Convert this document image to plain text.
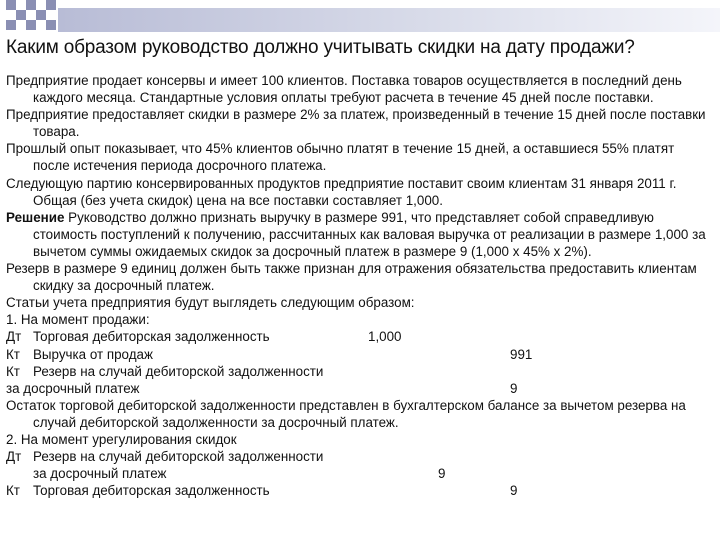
Каким образом руководство должно учитывать скидки на дату продажи?

Предприятие продает консервы и имеет 100 клиентов. Поставка товаров осуществляется в последний день каждого месяца. Стандартные условия оплаты требуют расчета в течение 45 дней после поставки.

Предприятие предоставляет скидки в размере 2% за платеж, произведенный в течение 15 дней после поставки товара.

Прошлый опыт показывает, что 45% клиентов обычно платят в течение 15 дней, а оставшиеся 55% платят после истечения периода досрочного платежа.

Следующую партию консервированных продуктов предприятие поставит своим клиентам 31 января 2011 г. Общая (без учета скидок) цена на все поставки составляет 1,000.

Решение Руководство должно признать выручку в размере 991, что представляет собой справедливую стоимость поступлений к получению, рассчитанных как валовая выручка от реализации в размере 1,000 за вычетом суммы ожидаемых скидок за досрочный платеж в размере 9 (1,000 x 45% x 2%).

Резерв в размере 9 единиц должен быть также признан для отражения обязательства предоставить клиентам скидку за досрочный платеж.

Статьи учета предприятия будут выглядеть следующим образом:

1. На момент продажи:

Дт Торговая дебиторская задолженность	1,000
Кт Выручка от продаж	991
Кт Резерв на случай дебиторской задолженности
за досрочный платеж	9

Остаток торговой дебиторской задолженности представлен в бухгалтерском балансе за вычетом резерва на случай дебиторской задолженности за досрочный платеж.

2. На момент урегулирования скидок

Дт Резерв на случай дебиторской задолженности
за досрочный платеж	9
Кт Торговая дебиторская задолженность	9
